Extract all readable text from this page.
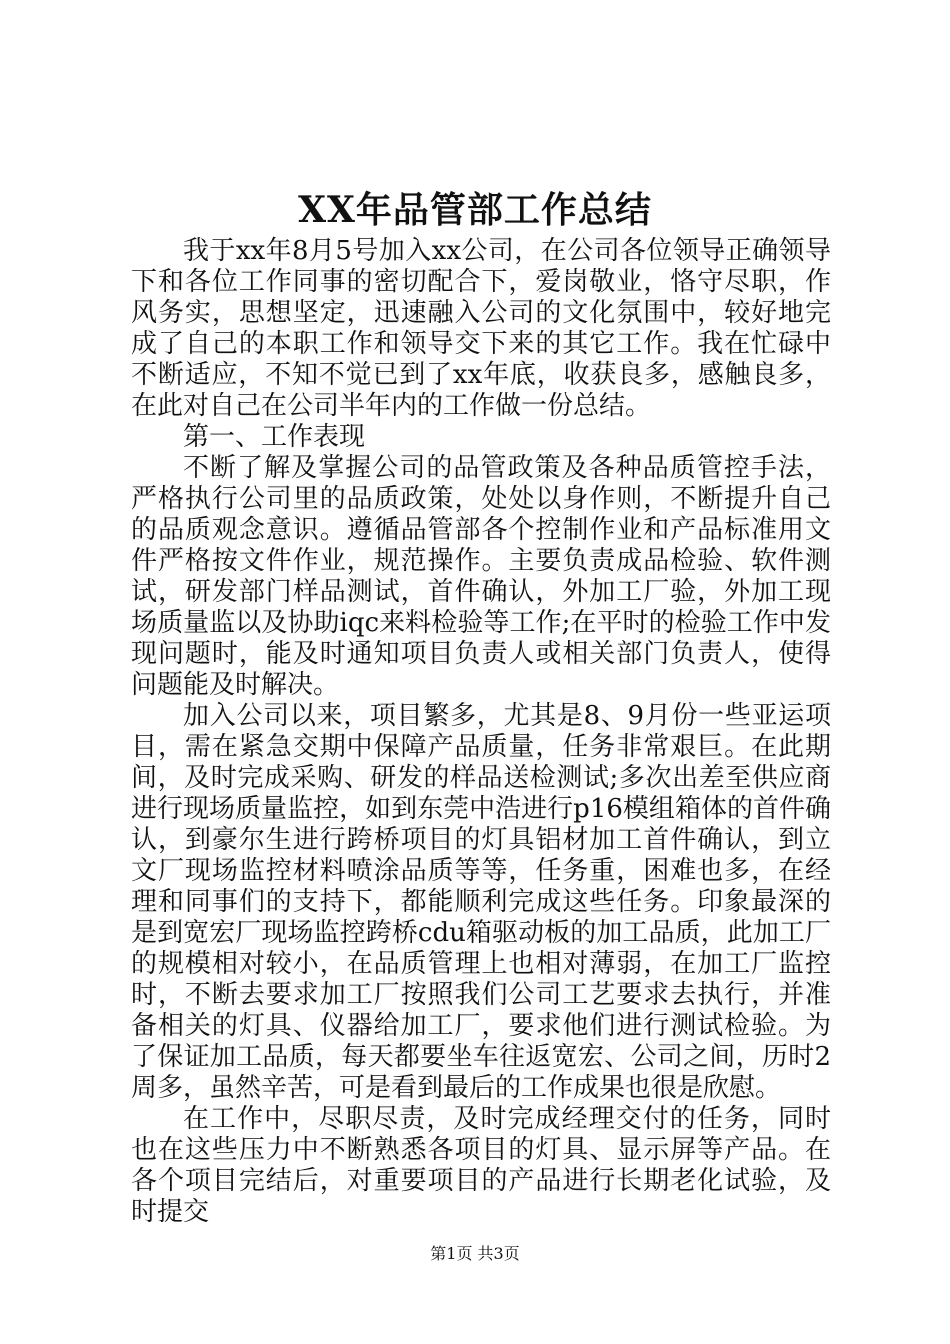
XX年品管部工作总结

我于xx年8月5号加入xx公司，在公司各位领导正确领导下和各位工作同事的密切配合下，爱岗敬业，恪守尽职，作风务实，思想坚定，迅速融入公司的文化氛围中，较好地完成了自己的本职工作和领导交下来的其它工作。我在忙碌中不断适应，不知不觉已到了xx年底，收获良多，感触良多，在此对自己在公司半年内的工作做一份总结。

第一、工作表现

不断了解及掌握公司的品管政策及各种品质管控手法，严格执行公司里的品质政策，处处以身作则，不断提升自己的品质观念意识。遵循品管部各个控制作业和产品标准用文件严格按文件作业，规范操作。主要负责成品检验、软件测试，研发部门样品测试，首件确认，外加工厂验，外加工现场质量监以及协助iqc来料检验等工作;在平时的检验工作中发现问题时，能及时通知项目负责人或相关部门负责人，使得问题能及时解决。

加入公司以来，项目繁多，尤其是8、9月份一些亚运项目，需在紧急交期中保障产品质量，任务非常艰巨。在此期间，及时完成采购、研发的样品送检测试;多次出差至供应商进行现场质量监控，如到东莞中浩进行p16模组箱体的首件确认，到豪尔生进行跨桥项目的灯具铝材加工首件确认，到立文厂现场监控材料喷涂品质等等，任务重，困难也多，在经理和同事们的支持下，都能顺利完成这些任务。印象最深的是到宽宏厂现场监控跨桥cdu箱驱动板的加工品质，此加工厂的规模相对较小，在品质管理上也相对薄弱，在加工厂监控时，不断去要求加工厂按照我们公司工艺要求去执行，并准备相关的灯具、仪器给加工厂，要求他们进行测试检验。为了保证加工品质，每天都要坐车往返宽宏、公司之间，历时2周多，虽然辛苦，可是看到最后的工作成果也很是欣慰。

在工作中，尽职尽责，及时完成经理交付的任务，同时也在这些压力中不断熟悉各项目的灯具、显示屏等产品。在各个项目完结后，对重要项目的产品进行长期老化试验，及时提交

第1页 共3页
